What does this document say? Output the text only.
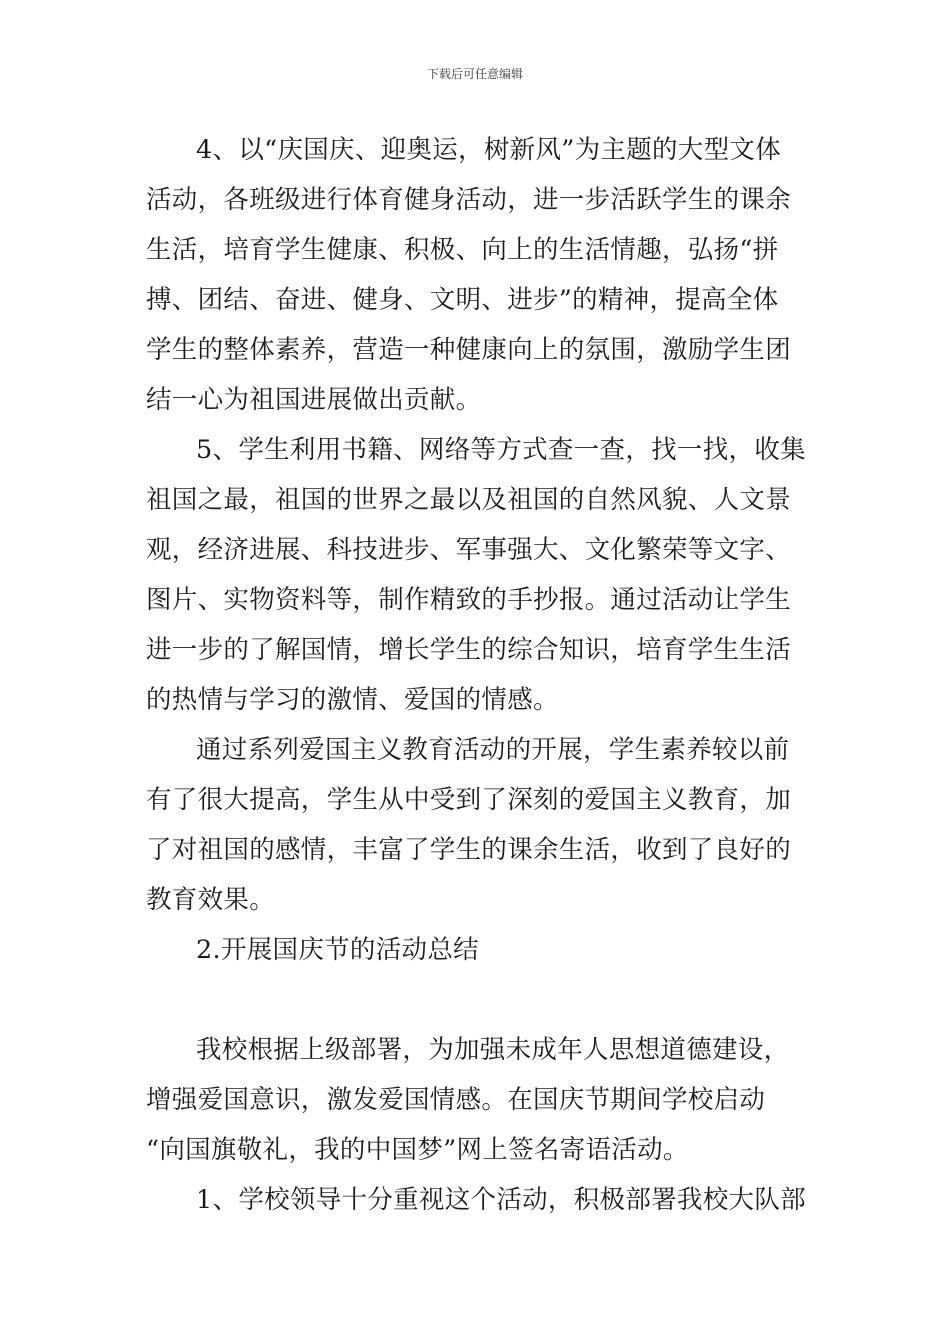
下载后可任意编辑
4、以“庆国庆、迎奥运，树新风”为主题的大型文体
活动，各班级进行体育健身活动，进一步活跃学生的课余
生活，培育学生健康、积极、向上的生活情趣，弘扬“拼
搏、团结、奋进、健身、文明、进步”的精神，提高全体
学生的整体素养，营造一种健康向上的氛围，激励学生团
结一心为祖国进展做出贡献。
5、学生利用书籍、网络等方式查一查，找一找，收集
祖国之最，祖国的世界之最以及祖国的自然风貌、人文景
观，经济进展、科技进步、军事强大、文化繁荣等文字、
图片、实物资料等，制作精致的手抄报。通过活动让学生
进一步的了解国情，增长学生的综合知识，培育学生生活
的热情与学习的激情、爱国的情感。
通过系列爱国主义教育活动的开展，学生素养较以前
有了很大提高，学生从中受到了深刻的爱国主义教育，加
了对祖国的感情，丰富了学生的课余生活，收到了良好的
教育效果。
2.开展国庆节的活动总结
我校根据上级部署，为加强未成年人思想道德建设，
增强爱国意识，激发爱国情感。在国庆节期间学校启动
“向国旗敬礼，我的中国梦”网上签名寄语活动。
1、学校领导十分重视这个活动，积极部署我校大队部
